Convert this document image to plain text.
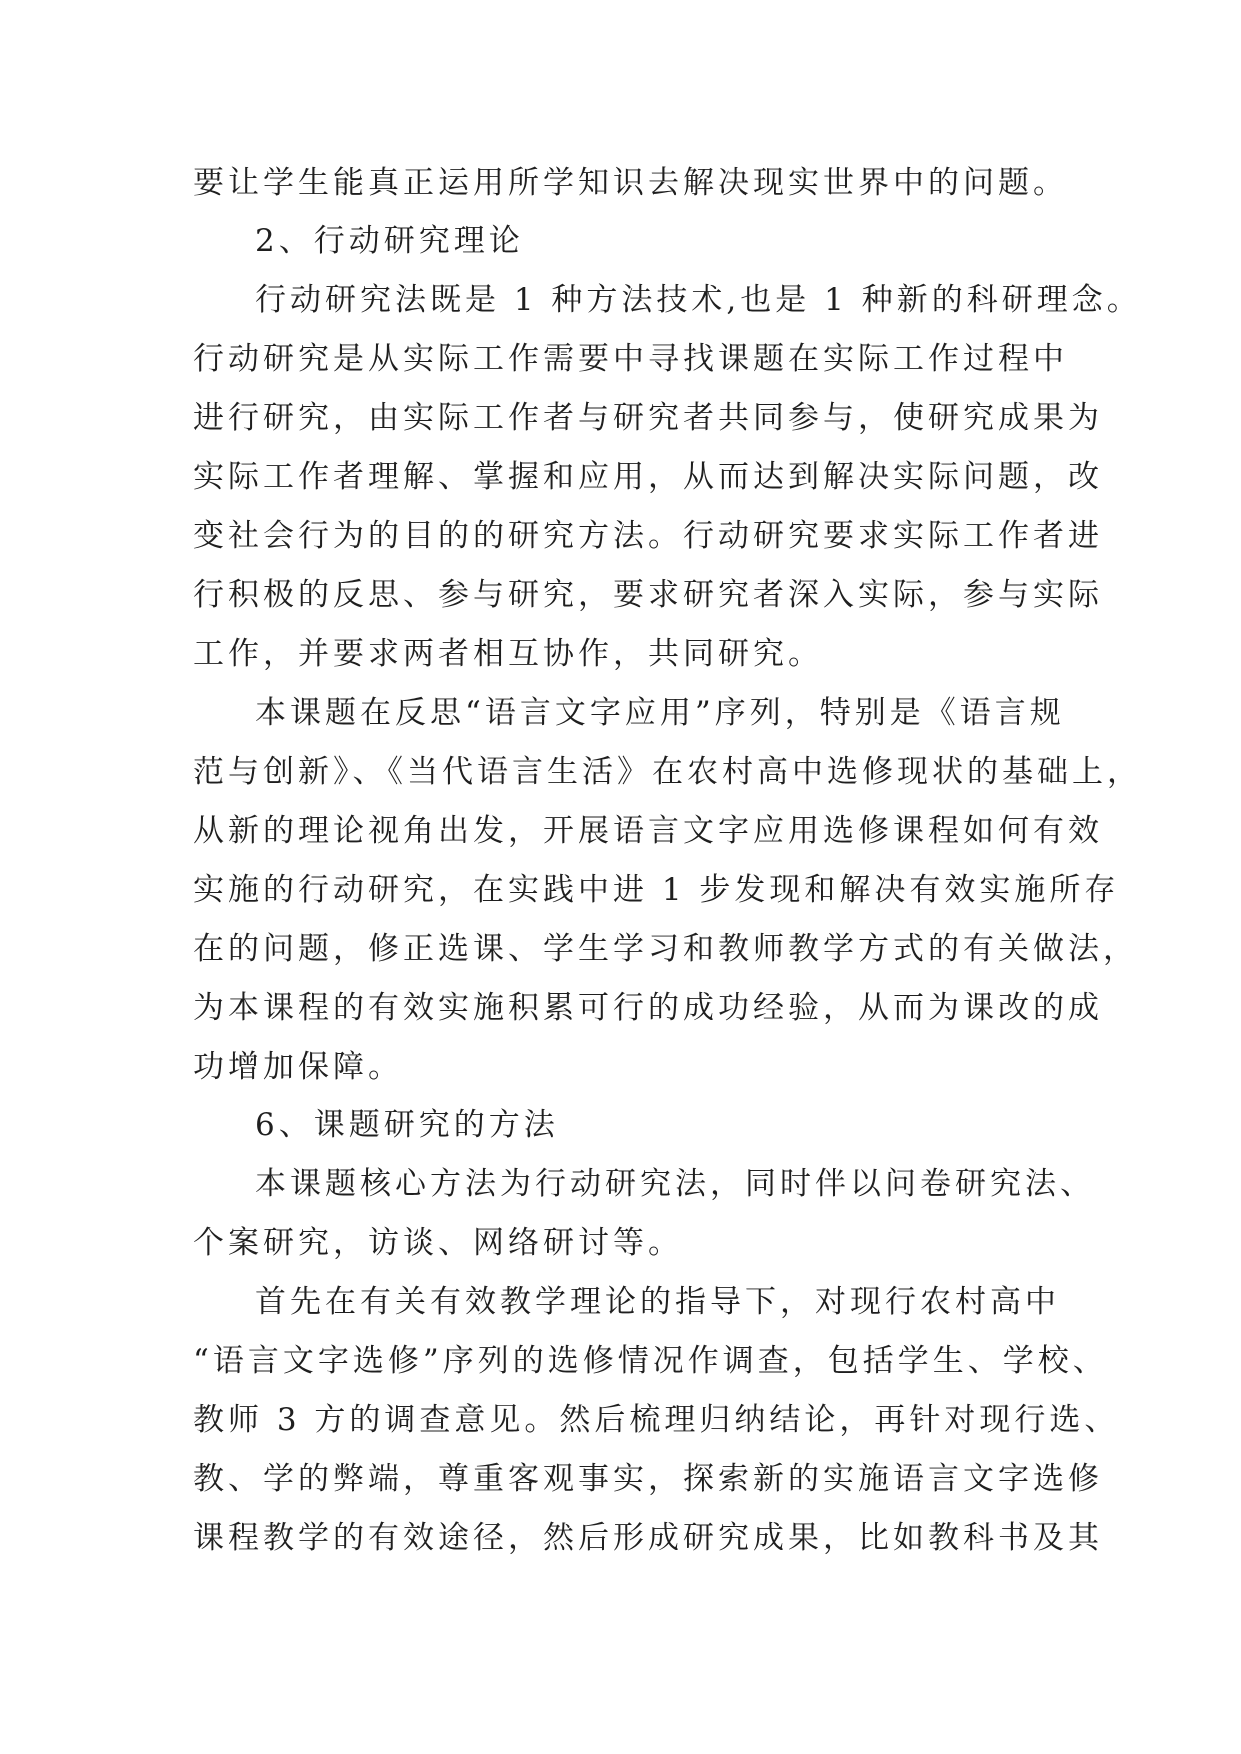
要让学生能真正运用所学知识去解决现实世界中的问题。
2、行动研究理论
行动研究法既是 1 种方法技术,也是 1 种新的科研理念。
行动研究是从实际工作需要中寻找课题在实际工作过程中
进行研究，由实际工作者与研究者共同参与，使研究成果为
实际工作者理解、掌握和应用，从而达到解决实际问题，改
变社会行为的目的的研究方法。行动研究要求实际工作者进
行积极的反思、参与研究，要求研究者深入实际，参与实际
工作，并要求两者相互协作，共同研究。
本课题在反思“语言文字应用”序列，特别是《语言规
范与创新》、《当代语言生活》在农村高中选修现状的基础上，
从新的理论视角出发，开展语言文字应用选修课程如何有效
实施的行动研究，在实践中进 1 步发现和解决有效实施所存
在的问题，修正选课、学生学习和教师教学方式的有关做法，
为本课程的有效实施积累可行的成功经验，从而为课改的成
功增加保障。
6、课题研究的方法
本课题核心方法为行动研究法，同时伴以问卷研究法、
个案研究，访谈、网络研讨等。
首先在有关有效教学理论的指导下，对现行农村高中
“语言文字选修”序列的选修情况作调查，包括学生、学校、
教师 3 方的调查意见。然后梳理归纳结论，再针对现行选、
教、学的弊端，尊重客观事实，探索新的实施语言文字选修
课程教学的有效途径，然后形成研究成果，比如教科书及其
